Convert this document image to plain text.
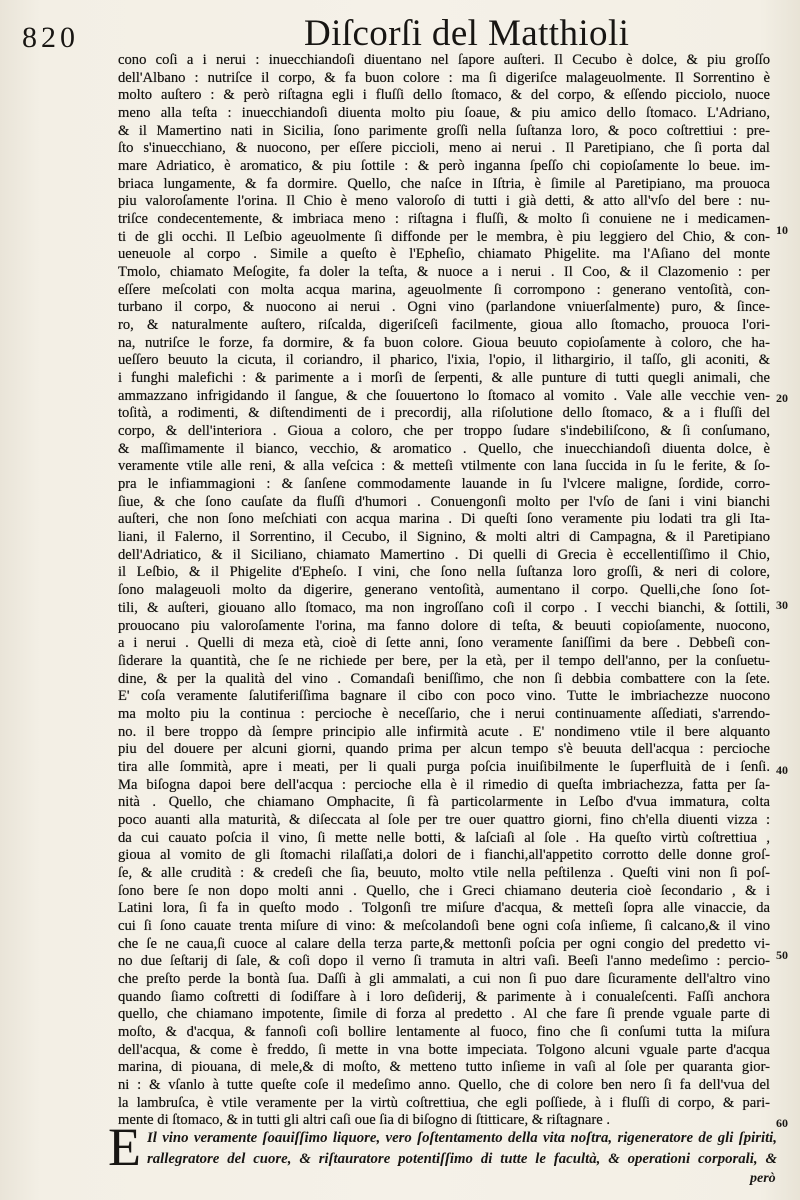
820	Diſcorſi del Matthioli
cono coſi a i nerui : inuecchiandoſi diuentano nel ſapore auſteri. Il Cecubo è dolce, & piu groſſo
dell'Albano : nutriſce il corpo, & fa buon colore : ma ſi digeriſce malageuolmente. Il Sorrentino è
molto auſtero : & però riſtagna egli i fluſſi dello ſtomaco, & del corpo, & eſſendo picciolo, nuoce
meno alla teſta : inuecchiandoſi diuenta molto piu ſoaue, & piu amico dello ſtomaco. L'Adriano,
& il Mamertino nati in Sicilia, ſono parimente groſſi nella ſuſtanza loro, & poco coſtrettiui : pre-
ſto s'inuecchiano, & nuocono, per eſſere piccioli, meno ai nerui . Il Paretipiano, che ſi porta dal
mare Adriatico, è aromatico, & piu ſottile : & però inganna ſpeſſo chi copioſamente lo beue. im-
briaca lungamente, & fa dormire. Quello, che naſce in Iſtria, è ſimile al Paretipiano, ma prouoca
piu valoroſamente l'orina. Il Chio è meno valoroſo di tutti i già detti, & atto all'vſo del bere : nu-
triſce condecentemente, & imbriaca meno : riſtagna i fluſſi, & molto ſi conuiene ne i medicamen-
ti de gli occhi. Il Leſbio ageuolmente ſi diffonde per le membra, è piu leggiero del Chio, & con-
ueneuole al corpo . Simile a queſto è l'Epheſio, chiamato Phigelite. ma l'Aſiano del monte
Tmolo, chiamato Meſogite, fa doler la teſta, & nuoce a i nerui . Il Coo, & il Clazomenio : per
eſſere meſcolati con molta acqua marina, ageuolmente ſi corrompono : generano ventoſità, con-
turbano il corpo, & nuocono ai nerui . Ogni vino (parlandone vniuerſalmente) puro, & ſince-
ro, & naturalmente auſtero, riſcalda, digeriſceſi facilmente, gioua allo ſtomacho, prouoca l'ori-
na, nutriſce le forze, fa dormire, & fa buon colore. Gioua beuuto copioſamente à coloro, che ha-
ueſſero beuuto la cicuta, il coriandro, il pharico, l'ixia, l'opio, il lithargirio, il taſſo, gli aconiti, &
i funghi malefichi : & parimente a i morſi de ſerpenti, & alle punture di tutti quegli animali, che
ammazzano infrigidando il ſangue, & che ſouuertono lo ſtomaco al vomito . Vale alle vecchie ven-
toſità, a rodimenti, & diſtendimenti de i precordij, alla riſolutione dello ſtomaco, & a i fluſſi del
corpo, & dell'interiora . Gioua a coloro, che per troppo ſudare s'indebiliſcono, & ſi conſumano,
& maſſimamente il bianco, vecchio, & aromatico . Quello, che inuecchiandoſi diuenta dolce, è
veramente vtile alle reni, & alla veſcica : & metteſi vtilmente con lana ſuccida in ſu le ferite, & ſo-
pra le infiammagioni : & ſanſene commodamente lauande in ſu l'vlcere maligne, ſordide, corro-
ſiue, & che ſono cauſate da fluſſi d'humori . Conuengonſi molto per l'vſo de ſani i vini bianchi
auſteri, che non ſono meſchiati con acqua marina . Di queſti ſono veramente piu lodati tra gli Ita-
liani, il Falerno, il Sorrentino, il Cecubo, il Signino, & molti altri di Campagna, & il Paretipiano
dell'Adriatico, & il Siciliano, chiamato Mamertino . Di quelli di Grecia è eccellentiſſimo il Chio,
il Leſbio, & il Phigelite d'Epheſo. I vini, che ſono nella ſuſtanza loro groſſi, & neri di colore,
ſono malageuoli molto da digerire, generano ventoſità, aumentano il corpo. Quelli,che ſono ſot-
tili, & auſteri, giouano allo ſtomaco, ma non ingroſſano coſi il corpo . I vecchi bianchi, & ſottili,
prouocano piu valoroſamente l'orina, ma fanno dolore di teſta, & beuuti copioſamente, nuocono,
a i nerui . Quelli di meza età, cioè di ſette anni, ſono veramente ſaniſſimi da bere . Debbeſi con-
ſiderare la quantità, che ſe ne richiede per bere, per la età, per il tempo dell'anno, per la conſuetu-
dine, & per la qualità del vino . Comandaſi beniſſimo, che non ſi debbia combattere con la ſete.
E' coſa veramente ſalutiferiſſima bagnare il cibo con poco vino. Tutte le imbriachezze nuocono
ma molto piu la continua : percioche è neceſſario, che i nerui continuamente aſſediati, s'arrendo-
no. il bere troppo dà ſempre principio alle infirmità acute . E' nondimeno vtile il bere alquanto
piu del douere per alcuni giorni, quando prima per alcun tempo s'è beuuta dell'acqua : percioche
tira alle ſommità, apre i meati, per li quali purga poſcia inuiſibilmente le ſuperfluità de i ſenſi.
Ma biſogna dapoi bere dell'acqua : percioche ella è il rimedio di queſta imbriachezza, fatta per ſa-
nità . Quello, che chiamano Omphacite, ſi fà particolarmente in Leſbo d'vua immatura, colta
poco auanti alla maturità, & diſeccata al ſole per tre ouer quattro giorni, fino ch'ella diuenti vizza :
da cui cauato poſcia il vino, ſi mette nelle botti, & laſciaſi al ſole . Ha queſto virtù coſtrettiua ,
gioua al vomito de gli ſtomachi rilaſſati,a dolori de i fianchi,all'appetito corrotto delle donne groſ-
ſe, & alle crudità : & credeſi che ſia, beuuto, molto vtile nella peſtilenza . Queſti vini non ſi poſ-
ſono bere ſe non dopo molti anni . Quello, che i Greci chiamano deuteria cioè ſecondario , & i
Latini lora, ſi fa in queſto modo . Tolgonſi tre miſure d'acqua, & metteſi ſopra alle vinaccie, da
cui ſi ſono cauate trenta miſure di vino: & meſcolandoſi bene ogni coſa inſieme, ſi calcano,& il vino
che ſe ne caua,ſi cuoce al calare della terza parte,& mettonſi poſcia per ogni congio del predetto vi-
no due ſeſtarij di ſale, & coſi dopo il verno ſi tramuta in altri vaſi. Beeſi l'anno medeſimo : percio-
che preſto perde la bontà ſua. Daſſi à gli ammalati, a cui non ſi puo dare ſicuramente dell'altro vino
quando ſiamo coſtretti di ſodiſfare à i loro deſiderij, & parimente à i conualeſcenti. Faſſi anchora
quello, che chiamano impotente, ſimile di forza al predetto . Al che fare ſi prende vguale parte di
moſto, & d'acqua, & fannoſi coſi bollire lentamente al fuoco, fino che ſi conſumi tutta la miſura
dell'acqua, & come è freddo, ſi mette in vna botte impeciata. Tolgono alcuni vguale parte d'acqua
marina, di piouana, di mele,& di moſto, & metteno tutto inſieme in vaſi al ſole per quaranta gior-
ni : & vſanlo à tutte queſte coſe il medeſimo anno. Quello, che di colore ben nero ſi fa dell'vua del
la lambruſca, è vtile veramente per la virtù coſtrettiua, che egli poſſiede, à i fluſſi di corpo, & pari-
mente di ſtomaco, & in tutti gli altri caſi oue ſia di biſogno di ſtitticare, & riſtagnare .
10
20
30
40
50
60
E Il vino veramente ſoauiſſimo liquore, vero ſoſtentamento della vita noſtra, rigeneratore de gli ſpiriti,
rallegratore del cuore, & riſtauratore potentiſſimo di tutte le facultà, & operationi corporali, &
però
